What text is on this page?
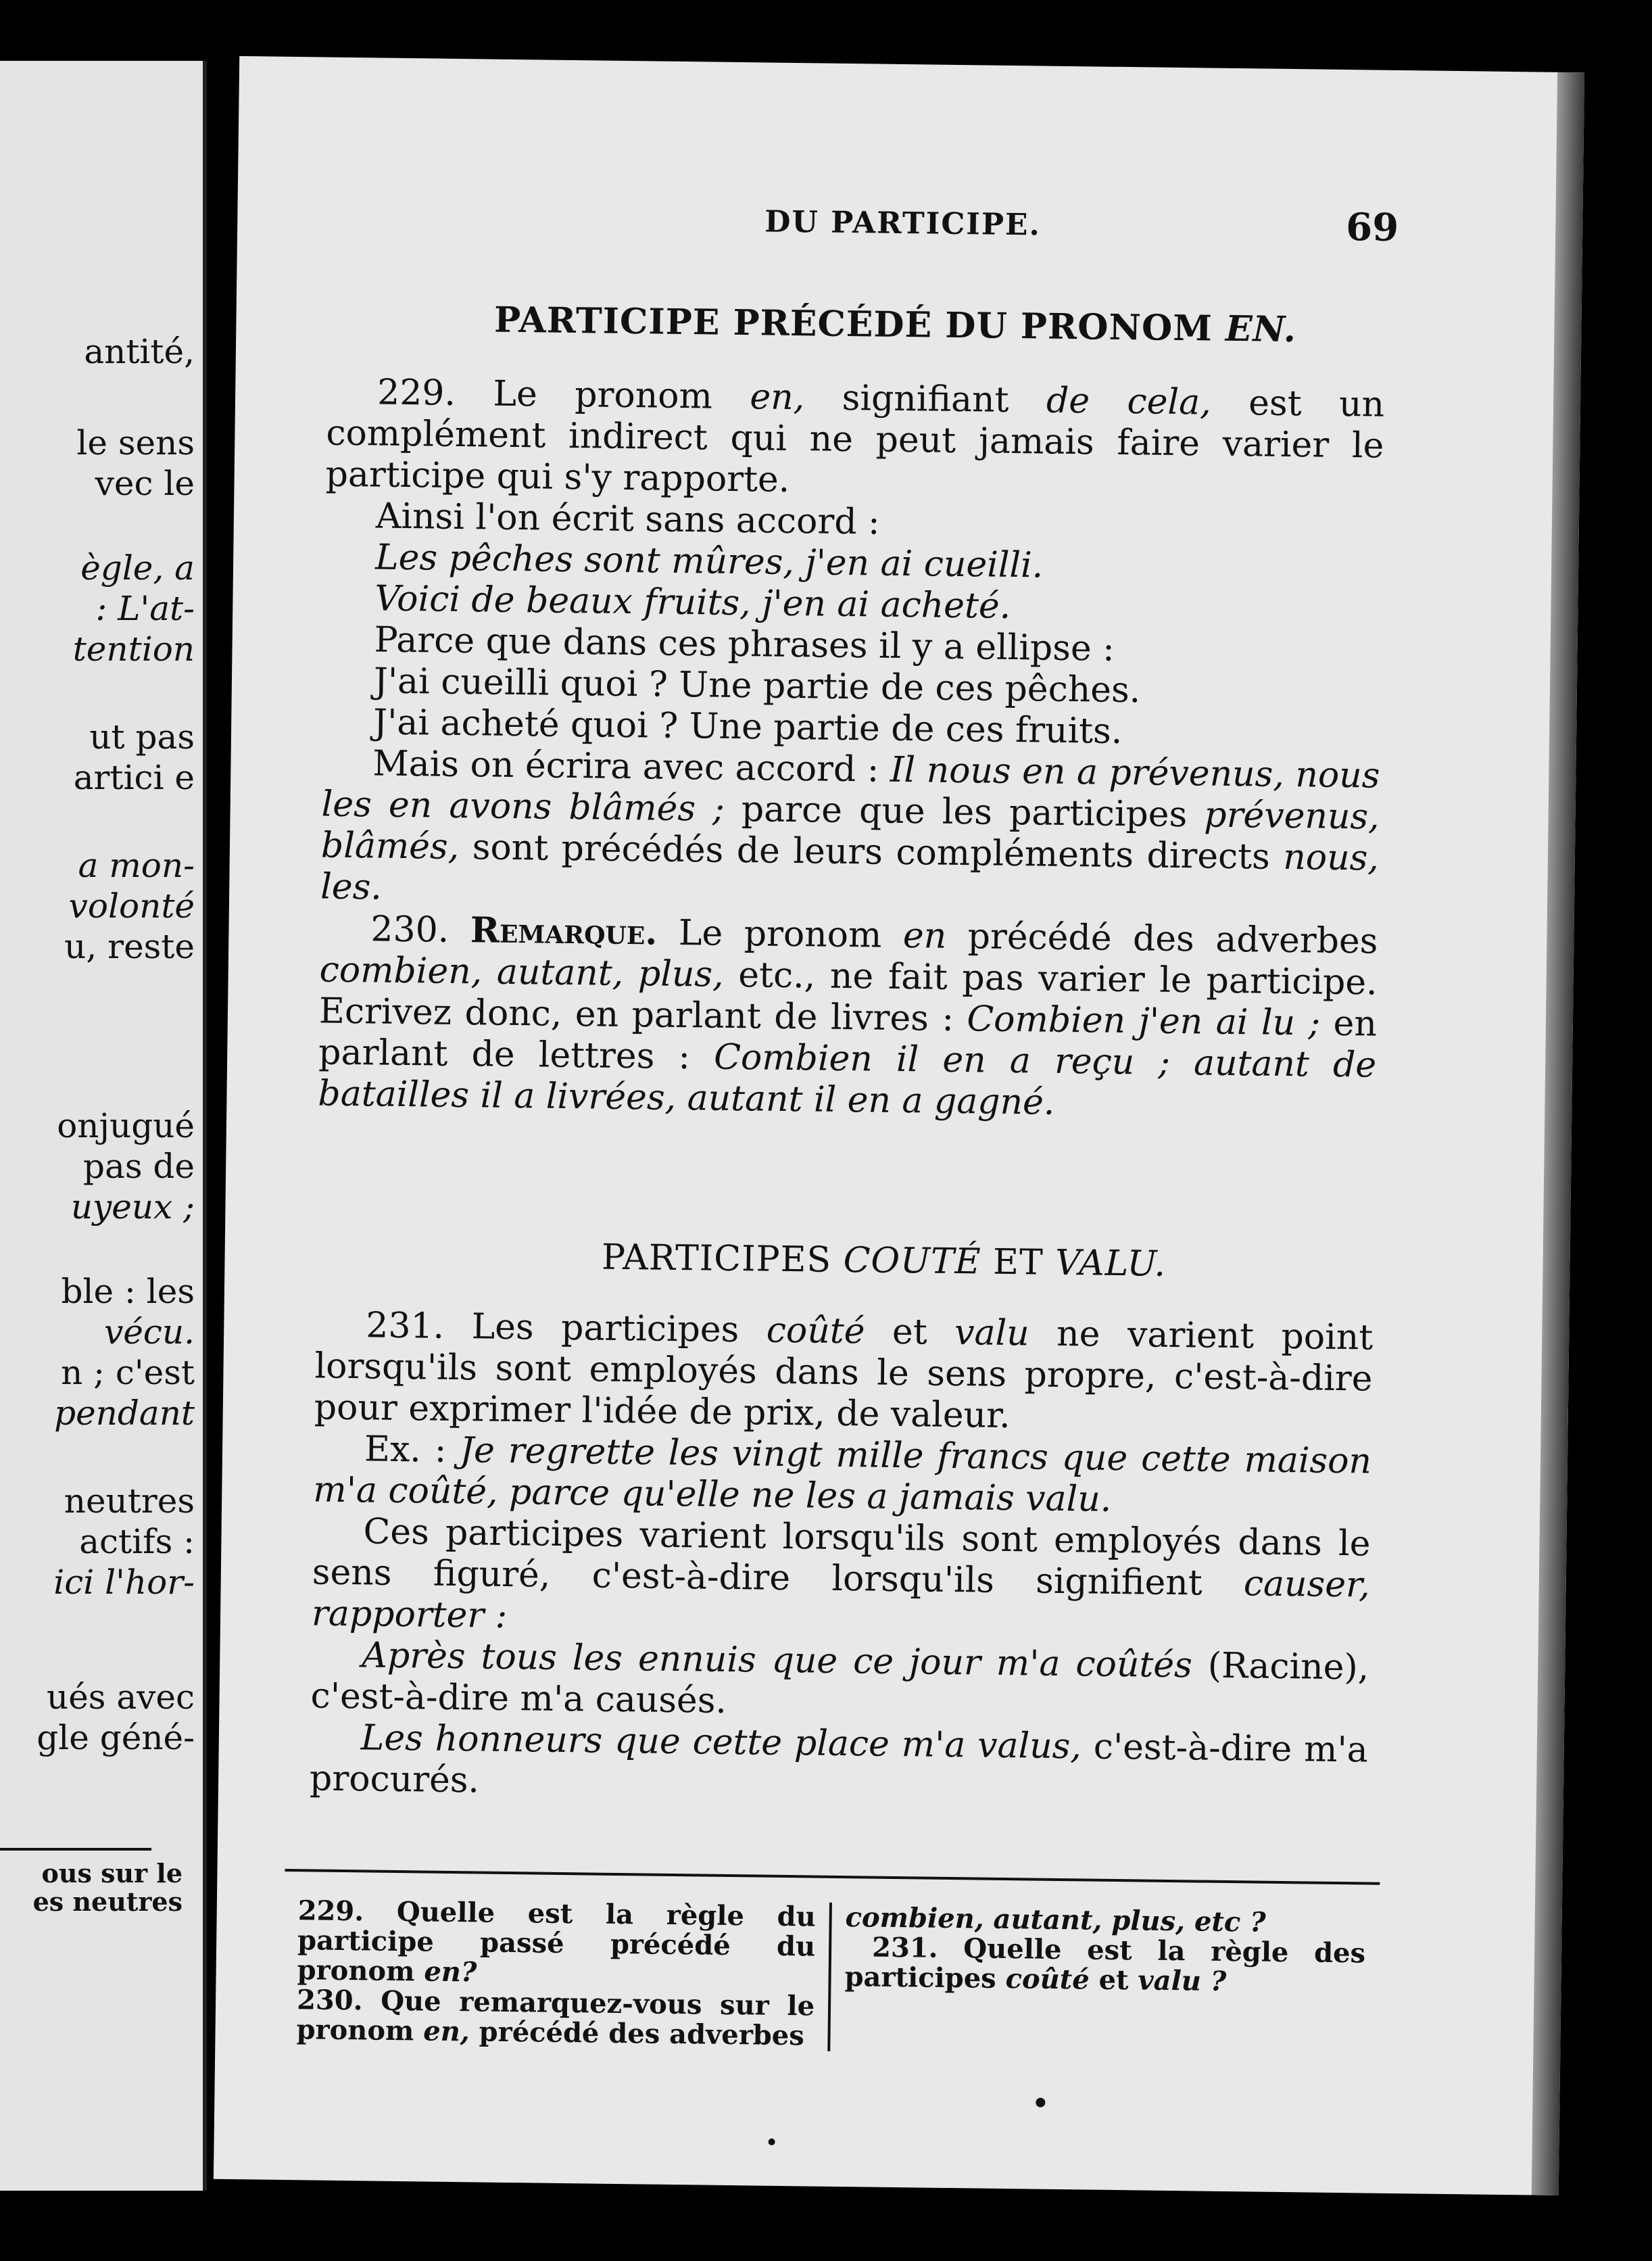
antité,
le sens
vec le
ègle, a
: L'at-
tention
ut pas
artici e
a mon-
volonté
u, reste
onjugué
pas de
uyeux ;
ble : les
vécu.
n ; c'est
pendant
neutres
actifs :
ici l'hor-
ués avec
gle géné-
ous sur le
es neutres
DU PARTICIPE.	69
PARTICIPE PRÉCÉDÉ DU PRONOM EN.

229. Le pronom en, signifiant de cela, est un complément indirect qui ne peut jamais faire varier le participe qui s'y rapporte.

Ainsi l'on écrit sans accord :

Les pêches sont mûres, j'en ai cueilli.

Voici de beaux fruits, j'en ai acheté.

Parce que dans ces phrases il y a ellipse :

J'ai cueilli quoi ? Une partie de ces pêches.

J'ai acheté quoi ? Une partie de ces fruits.

Mais on écrira avec accord : Il nous en a prévenus, nous les en avons blâmés ; parce que les participes prévenus, blâmés, sont précédés de leurs compléments directs nous, les.

230. Remarque. Le pronom en précédé des adverbes combien, autant, plus, etc., ne fait pas varier le participe. Ecrivez donc, en parlant de livres : Combien j'en ai lu ; en parlant de lettres : Combien il en a reçu ; autant de batailles il a livrées, autant il en a gagné.

PARTICIPES COUTÉ ET VALU.

231. Les participes coûté et valu ne varient point lorsqu'ils sont employés dans le sens propre, c'est-à-dire pour exprimer l'idée de prix, de valeur.

Ex. : Je regrette les vingt mille francs que cette maison m'a coûté, parce qu'elle ne les a jamais valu.

Ces participes varient lorsqu'ils sont employés dans le sens figuré, c'est-à-dire lorsqu'ils signifient causer, rapporter :

Après tous les ennuis que ce jour m'a coûtés (Racine), c'est-à-dire m'a causés.

Les honneurs que cette place m'a valus, c'est-à-dire m'a procurés.

229. Quelle est la règle du participe passé précédé du pronom en?

230. Que remarquez-vous sur le pronom en, précédé des adverbes

combien, autant, plus, etc ?

231. Quelle est la règle des participes coûté et valu ?
